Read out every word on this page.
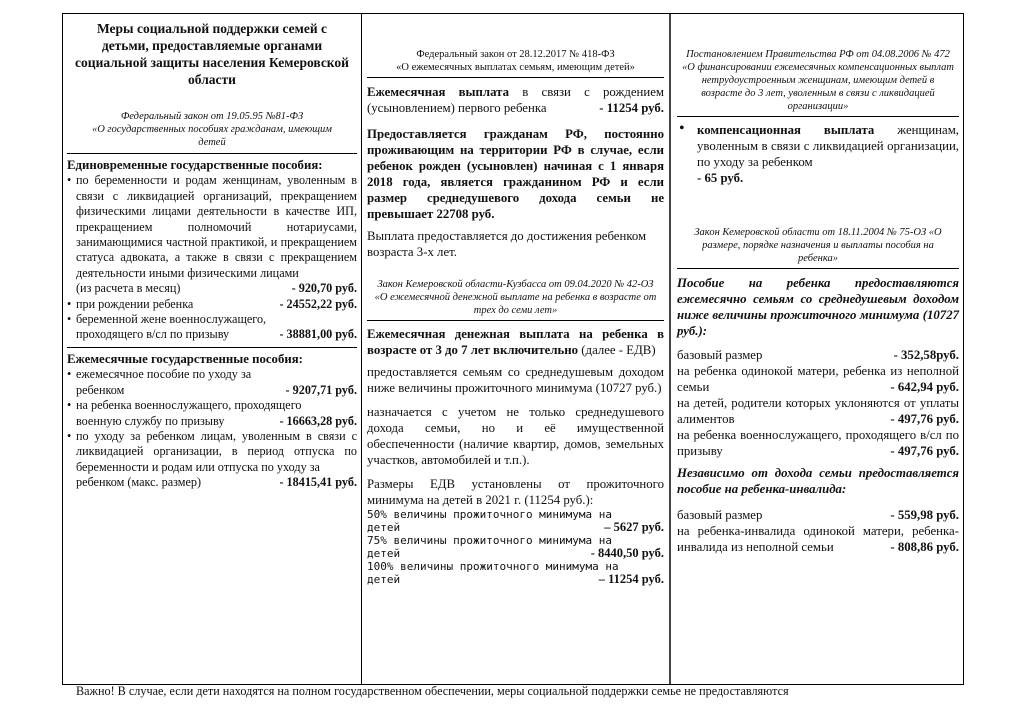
Меры социальной поддержки семей с детьми, предоставляемые органами социальной защиты населения Кемеровской области

Федеральный закон от 19.05.95 №81-ФЗ

«О государственных пособиях гражданам, имеющим детей

Единовременные государственные пособия:

• по беременности и родам женщинам, уволенным в связи с ликвидацией организаций, прекращением физическими лицами деятельности в качестве ИП, прекращением полномочий нотариусами, занимающимися частной практикой, и прекращением статуса адвоката, а также в связи с прекращением деятельности иными физическими лицами
(из расчета в месяц)	- 920,70 руб.
• при рождении ребенка	- 24552,22 руб.
• беременной жене военнослужащего,
проходящего в/сл по призыву	- 38881,00 руб.

Ежемесячные государственные пособия:

• ежемесячное пособие по уходу за
ребенком	- 9207,71 руб.
• на ребенка военнослужащего, проходящего
военную службу по призыву	- 16663,28 руб.
• по уходу за ребенком лицам, уволенным в связи с ликвидацией организации, в период отпуска по беременности и родам или отпуска по уходу за
ребенком (макс. размер)	- 18415,41 руб.

Федеральный закон от 28.12.2017 № 418-ФЗ

«О ежемесячных выплатах семьям, имеющим детей»

Ежемесячная выплата в связи с рождением (усыновлением) первого ребенка	- 11254 руб.

Предоставляется гражданам РФ, постоянно проживающим на территории РФ в случае, если ребенок рожден (усыновлен) начиная с 1 января 2018 года, является гражданином РФ и если размер среднедушевого дохода семьи не превышает 22708 руб.

Выплата предоставляется до достижения ребенком возраста 3-х лет.

Закон Кемеровской области-Кузбасса от 09.04.2020 № 42-ОЗ «О ежемесячной денежной выплате на ребенка в возрасте от трех до семи лет»

Ежемесячная денежная выплата на ребенка в возрасте от 3 до 7 лет включительно (далее - ЕДВ)

предоставляется семьям со среднедушевым доходом ниже величины прожиточного минимума (10727 руб.)

назначается с учетом не только среднедушевого дохода семьи, но и её имущественной обеспеченности (наличие квартир, домов, земельных участков, автомобилей и т.п.).

Размеры ЕДВ установлены от прожиточного минимума на детей в 2021 г. (11254 руб.):

50% величины прожиточного минимума на

детей	– 5627 руб.

75% величины прожиточного минимума на

детей	- 8440,50 руб.

100% величины прожиточного минимума на

детей	– 11254 руб.

Постановлением Правительства РФ от 04.08.2006 № 472

«О финансировании ежемесячных компенсационных выплат нетрудоустроенным женщинам, имеющим детей в возрасте до 3 лет, уволенным в связи с ликвидацией организации»

• компенсационная выплата женщинам, уволенным в связи с ликвидацией организации, по уходу за ребенком
- 65 руб.

Закон Кемеровской области от 18.11.2004 № 75-ОЗ «О размере, порядке назначения и выплаты пособия на ребенка»

Пособие на ребенка предоставляются ежемесячно семьям со среднедушевым доходом ниже величины прожиточного минимума (10727 руб.):

базовый размер	- 352,58руб.
на ребенка одинокой матери, ребенка из неполной семьи	- 642,94 руб.
на детей, родители которых уклоняются от уплаты алиментов	- 497,76 руб.
на ребенка военнослужащего, проходящего в/сл по призыву	- 497,76 руб.

Независимо от дохода семьи предоставляется пособие на ребенка-инвалида:

базовый размер	- 559,98 руб.
на ребенка-инвалида одинокой матери, ребенка-инвалида из неполной семьи	- 808,86 руб.

Важно! В случае, если дети находятся на полном государственном обеспечении, меры социальной поддержки семье не предоставляются
